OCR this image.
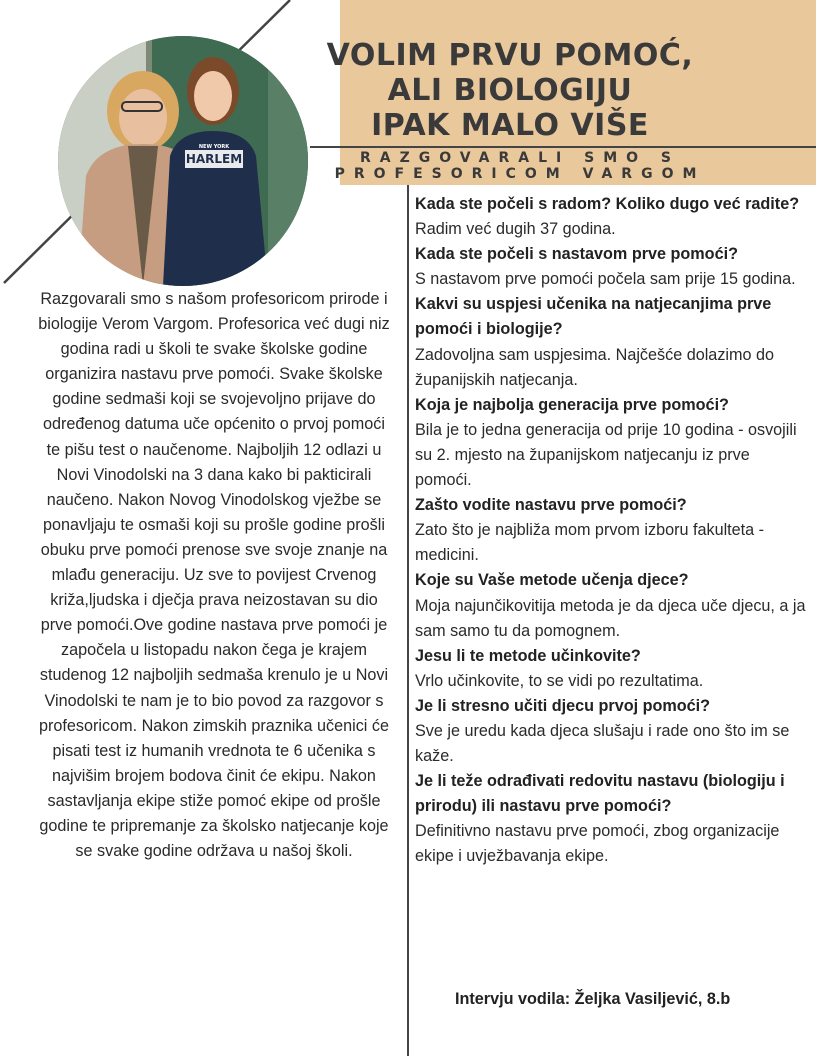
VOLIM PRVU POMOĆ,
ALI BIOLOGIJU
IPAK MALO VIŠE
RAZGOVARALI SMO S
PROFESORICOM VARGOM
NEW YORK
HARLEM
Razgovarali smo s našom profesoricom prirode i biologije Verom Vargom. Profesorica već dugi niz godina radi u školi te svake školske godine organizira nastavu prve pomoći. Svake školske godine sedmaši koji se svojevoljno prijave do određenog datuma uče općenito o prvoj pomoći te pišu test o naučenome. Najboljih 12 odlazi u Novi Vinodolski na 3 dana kako bi pakticirali naučeno. Nakon Novog Vinodolskog vježbe se ponavljaju te osmaši koji su prošle godine prošli obuku prve pomoći prenose sve svoje znanje na mlađu generaciju. Uz sve to povijest Crvenog križa,ljudska i dječja prava neizostavan su dio prve pomoći.Ove godine nastava prve pomoći je započela u listopadu nakon čega je krajem studenog 12 najboljih sedmaša krenulo je u Novi Vinodolski te nam je to bio povod za razgovor s profesoricom. Nakon zimskih praznika učenici će pisati test iz humanih vrednota te 6 učenika s najvišim brojem bodova činit će ekipu. Nakon sastavljanja ekipe stiže pomoć ekipe od prošle godine te pripremanje za školsko natjecanje koje se svake godine održava u našoj školi.

Kada ste počeli s radom? Koliko dugo već radite?

Radim već dugih 37 godina.

Kada ste počeli s nastavom prve pomoći?

S nastavom prve pomoći počela sam prije 15 godina.

Kakvi su uspjesi učenika na natjecanjima prve pomoći i biologije?

Zadovoljna sam uspjesima. Najčešće dolazimo do županijskih natjecanja.

Koja je najbolja generacija prve pomoći?

Bila je to jedna generacija od prije 10 godina - osvojili su 2. mjesto na županijskom natjecanju iz prve pomoći.

Zašto vodite nastavu prve pomoći?

Zato što je najbliža mom prvom izboru fakulteta -medicini.

Koje su Vaše metode učenja djece?

Moja najunčikovitija metoda je da djeca uče djecu, a ja sam samo tu da pomognem.

Jesu li te metode učinkovite?

Vrlo učinkovite, to se vidi po rezultatima.

Je li stresno učiti djecu prvoj pomoći?

Sve je uredu kada djeca slušaju i rade ono što im se kaže.

Je li teže odrađivati redovitu nastavu (biologiju i prirodu) ili nastavu prve pomoći?

Definitivno nastavu prve pomoći, zbog organizacije ekipe i uvježbavanja ekipe.

Intervju vodila: Željka Vasiljević, 8.b
